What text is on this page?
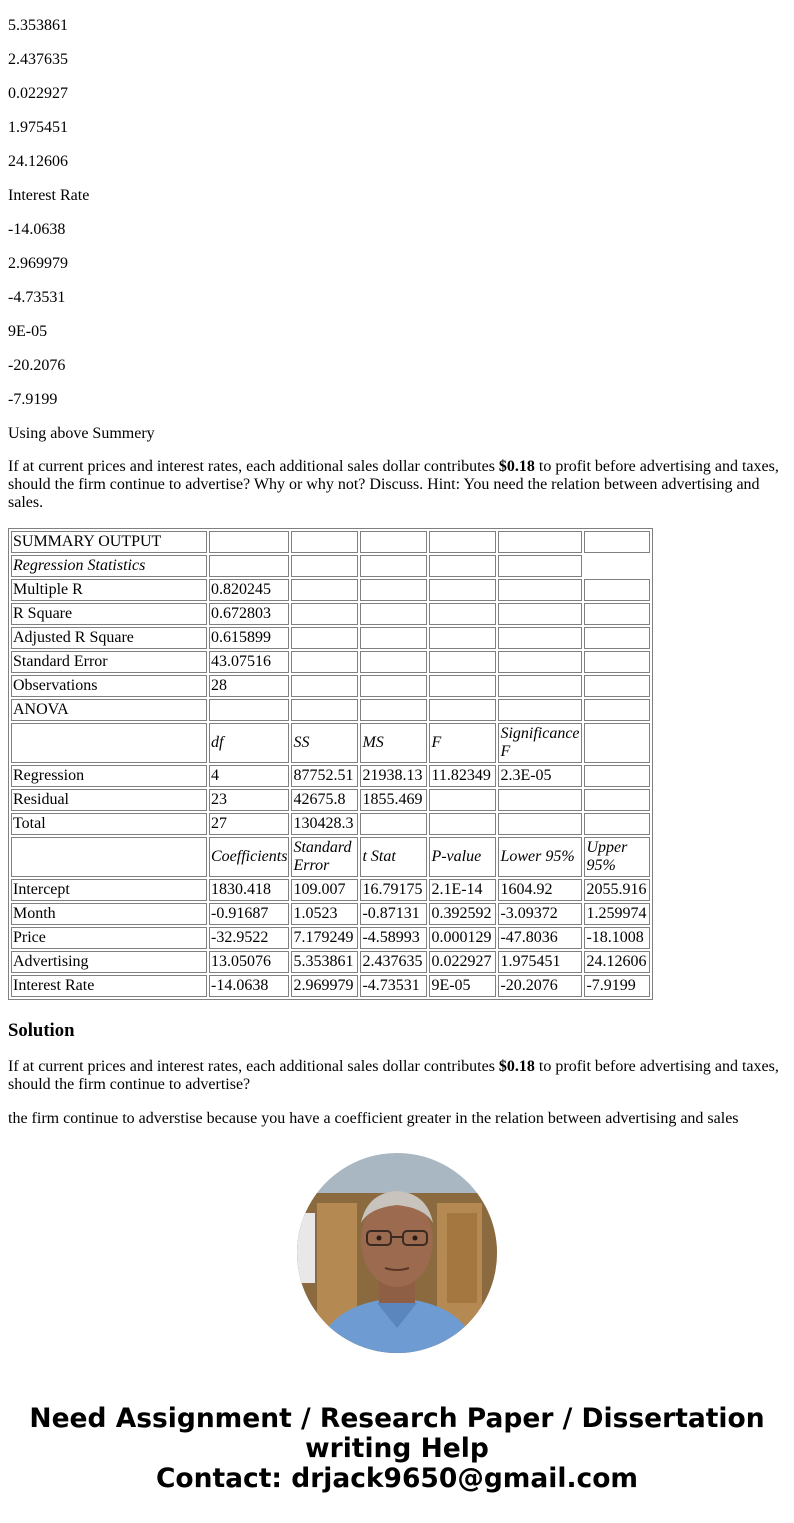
5.353861

2.437635

0.022927

1.975451

24.12606

Interest Rate

-14.0638

2.969979

-4.73531

9E-05

-20.2076

-7.9199

Using above Summery

If at current prices and interest rates, each additional sales dollar contributes $0.18 to profit before advertising and taxes, should the firm continue to advertise? Why or why not? Discuss. Hint: You need the relation between advertising and sales.

SUMMARY OUTPUT						
Regression Statistics						
Multiple R	0.820245					
R Square	0.672803					
Adjusted R Square	0.615899					
Standard Error	43.07516					
Observations	28					
ANOVA						
	df	SS	MS	F	Significance F	
Regression	4	87752.51	21938.13	11.82349	2.3E-05	
Residual	23	42675.8	1855.469			
Total	27	130428.3				
	Coefficients	Standard Error	t Stat	P-value	Lower 95%	Upper 95%
Intercept	1830.418	109.007	16.79175	2.1E-14	1604.92	2055.916
Month	-0.91687	1.0523	-0.87131	0.392592	-3.09372	1.259974
Price	-32.9522	7.179249	-4.58993	0.000129	-47.8036	-18.1008
Advertising	13.05076	5.353861	2.437635	0.022927	1.975451	24.12606
Interest Rate	-14.0638	2.969979	-4.73531	9E-05	-20.2076	-7.9199
Solution

If at current prices and interest rates, each additional sales dollar contributes $0.18 to profit before advertising and taxes, should the firm continue to advertise?

the firm continue to adverstise because you have a coefficient greater in the relation between advertising and sales

Need Assignment / Research Paper / Dissertation
writing Help
Contact: drjack9650@gmail.com
